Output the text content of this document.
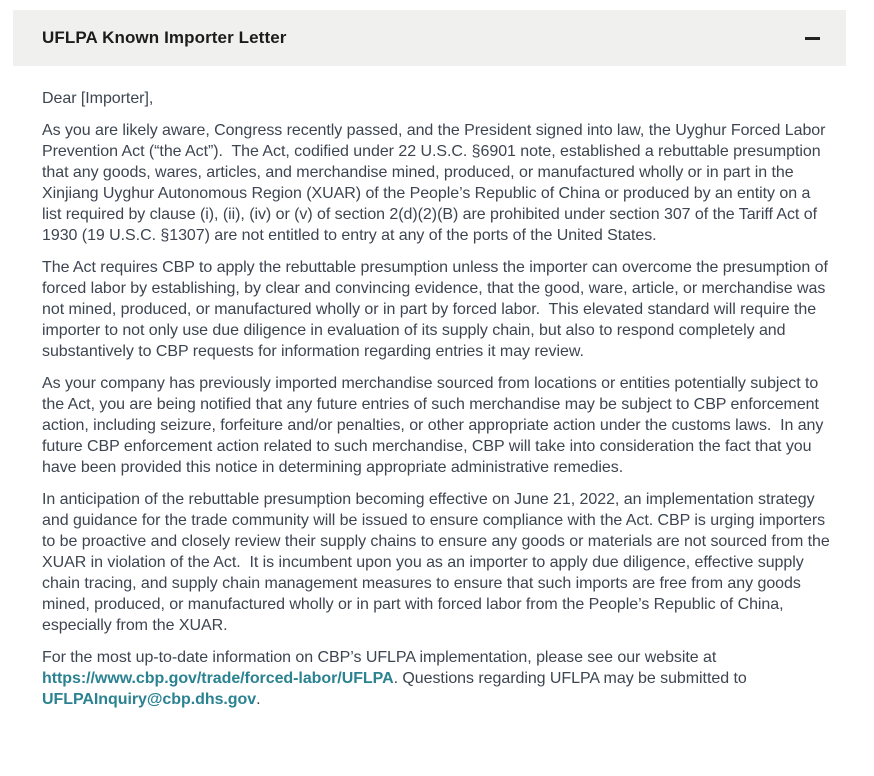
UFLPA Known Importer Letter

Dear [Importer],

As you are likely aware, Congress recently passed, and the President signed into law, the Uyghur Forced Labor Prevention Act (“the Act”).  The Act, codified under 22 U.S.C. §6901 note, established a rebuttable presumption that any goods, wares, articles, and merchandise mined, produced, or manufactured wholly or in part in the Xinjiang Uyghur Autonomous Region (XUAR) of the People’s Republic of China or produced by an entity on a list required by clause (i), (ii), (iv) or (v) of section 2(d)(2)(B) are prohibited under section 307 of the Tariff Act of 1930 (19 U.S.C. §1307) are not entitled to entry at any of the ports of the United States.

The Act requires CBP to apply the rebuttable presumption unless the importer can overcome the presumption of forced labor by establishing, by clear and convincing evidence, that the good, ware, article, or merchandise was not mined, produced, or manufactured wholly or in part by forced labor.  This elevated standard will require the importer to not only use due diligence in evaluation of its supply chain, but also to respond completely and substantively to CBP requests for information regarding entries it may review.

As your company has previously imported merchandise sourced from locations or entities potentially subject to the Act, you are being notified that any future entries of such merchandise may be subject to CBP enforcement action, including seizure, forfeiture and/or penalties, or other appropriate action under the customs laws.  In any future CBP enforcement action related to such merchandise, CBP will take into consideration the fact that you have been provided this notice in determining appropriate administrative remedies.

In anticipation of the rebuttable presumption becoming effective on June 21, 2022, an implementation strategy and guidance for the trade community will be issued to ensure compliance with the Act. CBP is urging importers to be proactive and closely review their supply chains to ensure any goods or materials are not sourced from the XUAR in violation of the Act.  It is incumbent upon you as an importer to apply due diligence, effective supply chain tracing, and supply chain management measures to ensure that such imports are free from any goods mined, produced, or manufactured wholly or in part with forced labor from the People’s Republic of China, especially from the XUAR.

For the most up-to-date information on CBP’s UFLPA implementation, please see our website at https://www.cbp.gov/trade/forced-labor/UFLPA. Questions regarding UFLPA may be submitted to UFLPAInquiry@cbp.dhs.gov.
